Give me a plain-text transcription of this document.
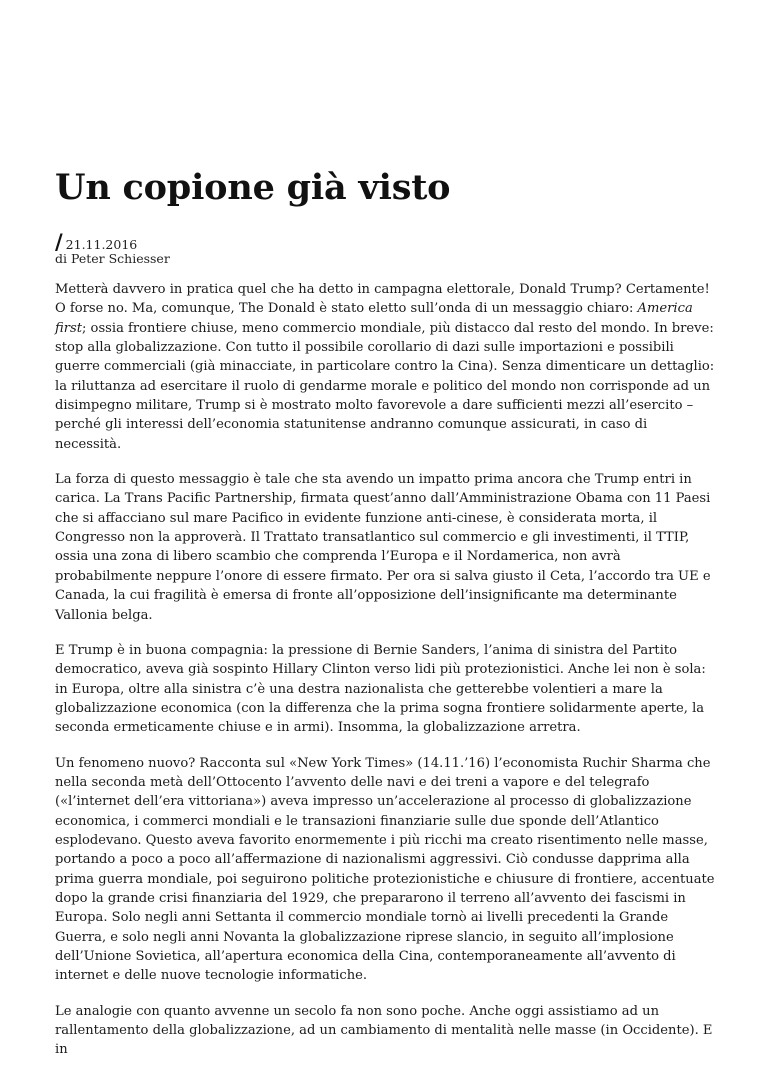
Un copione già visto
/ 21.11.2016
di Peter Schiesser

Metterà davvero in pratica quel che ha detto in campagna elettorale, Donald Trump? Certamente! O forse no. Ma, comunque, The Donald è stato eletto sull’onda di un messaggio chiaro: America first; ossia frontiere chiuse, meno commercio mondiale, più distacco dal resto del mondo. In breve: stop alla globalizzazione. Con tutto il possibile corollario di dazi sulle importazioni e possibili guerre commerciali (già minacciate, in particolare contro la Cina). Senza dimenticare un dettaglio: la riluttanza ad esercitare il ruolo di gendarme morale e politico del mondo non corrisponde ad un disimpegno militare, Trump si è mostrato molto favorevole a dare sufficienti mezzi all’esercito – perché gli interessi dell’economia statunitense andranno comunque assicurati, in caso di necessità.

La forza di questo messaggio è tale che sta avendo un impatto prima ancora che Trump entri in carica. La Trans Pacific Partnership, firmata quest’anno dall’Amministrazione Obama con 11 Paesi che si affacciano sul mare Pacifico in evidente funzione anti-cinese, è considerata morta, il Congresso non la approverà. Il Trattato transatlantico sul commercio e gli investimenti, il TTIP, ossia una zona di libero scambio che comprenda l’Europa e il Nordamerica, non avrà probabilmente neppure l’onore di essere firmato. Per ora si salva giusto il Ceta, l’accordo tra UE e Canada, la cui fragilità è emersa di fronte all’opposizione dell’insignificante ma determinante Vallonia belga.

E Trump è in buona compagnia: la pressione di Bernie Sanders, l’anima di sinistra del Partito democratico, aveva già sospinto Hillary Clinton verso lidi più protezionistici. Anche lei non è sola: in Europa, oltre alla sinistra c’è una destra nazionalista che getterebbe volentieri a mare la globalizzazione economica (con la differenza che la prima sogna frontiere solidarmente aperte, la seconda ermeticamente chiuse e in armi). Insomma, la globalizzazione arretra.

Un fenomeno nuovo? Racconta sul «New York Times» (14.11.’16) l’economista Ruchir Sharma che nella seconda metà dell’Ottocento l’avvento delle navi e dei treni a vapore e del telegrafo («l’internet dell’era vittoriana») aveva impresso un’accelerazione al processo di globalizzazione economica, i commerci mondiali e le transazioni finanziarie sulle due sponde dell’Atlantico esplodevano. Questo aveva favorito enormemente i più ricchi ma creato risentimento nelle masse, portando a poco a poco all’affermazione di nazionalismi aggressivi. Ciò condusse dapprima alla prima guerra mondiale, poi seguirono politiche protezionistiche e chiusure di frontiere, accentuate dopo la grande crisi finanziaria del 1929, che prepararono il terreno all’avvento dei fascismi in Europa. Solo negli anni Settanta il commercio mondiale tornò ai livelli precedenti la Grande Guerra, e solo negli anni Novanta la globalizzazione riprese slancio, in seguito all’implosione dell’Unione Sovietica, all’apertura economica della Cina, contemporaneamente all’avvento di internet e delle nuove tecnologie informatiche.

Le analogie con quanto avvenne un secolo fa non sono poche. Anche oggi assistiamo ad un rallentamento della globalizzazione, ad un cambiamento di mentalità nelle masse (in Occidente). E in
